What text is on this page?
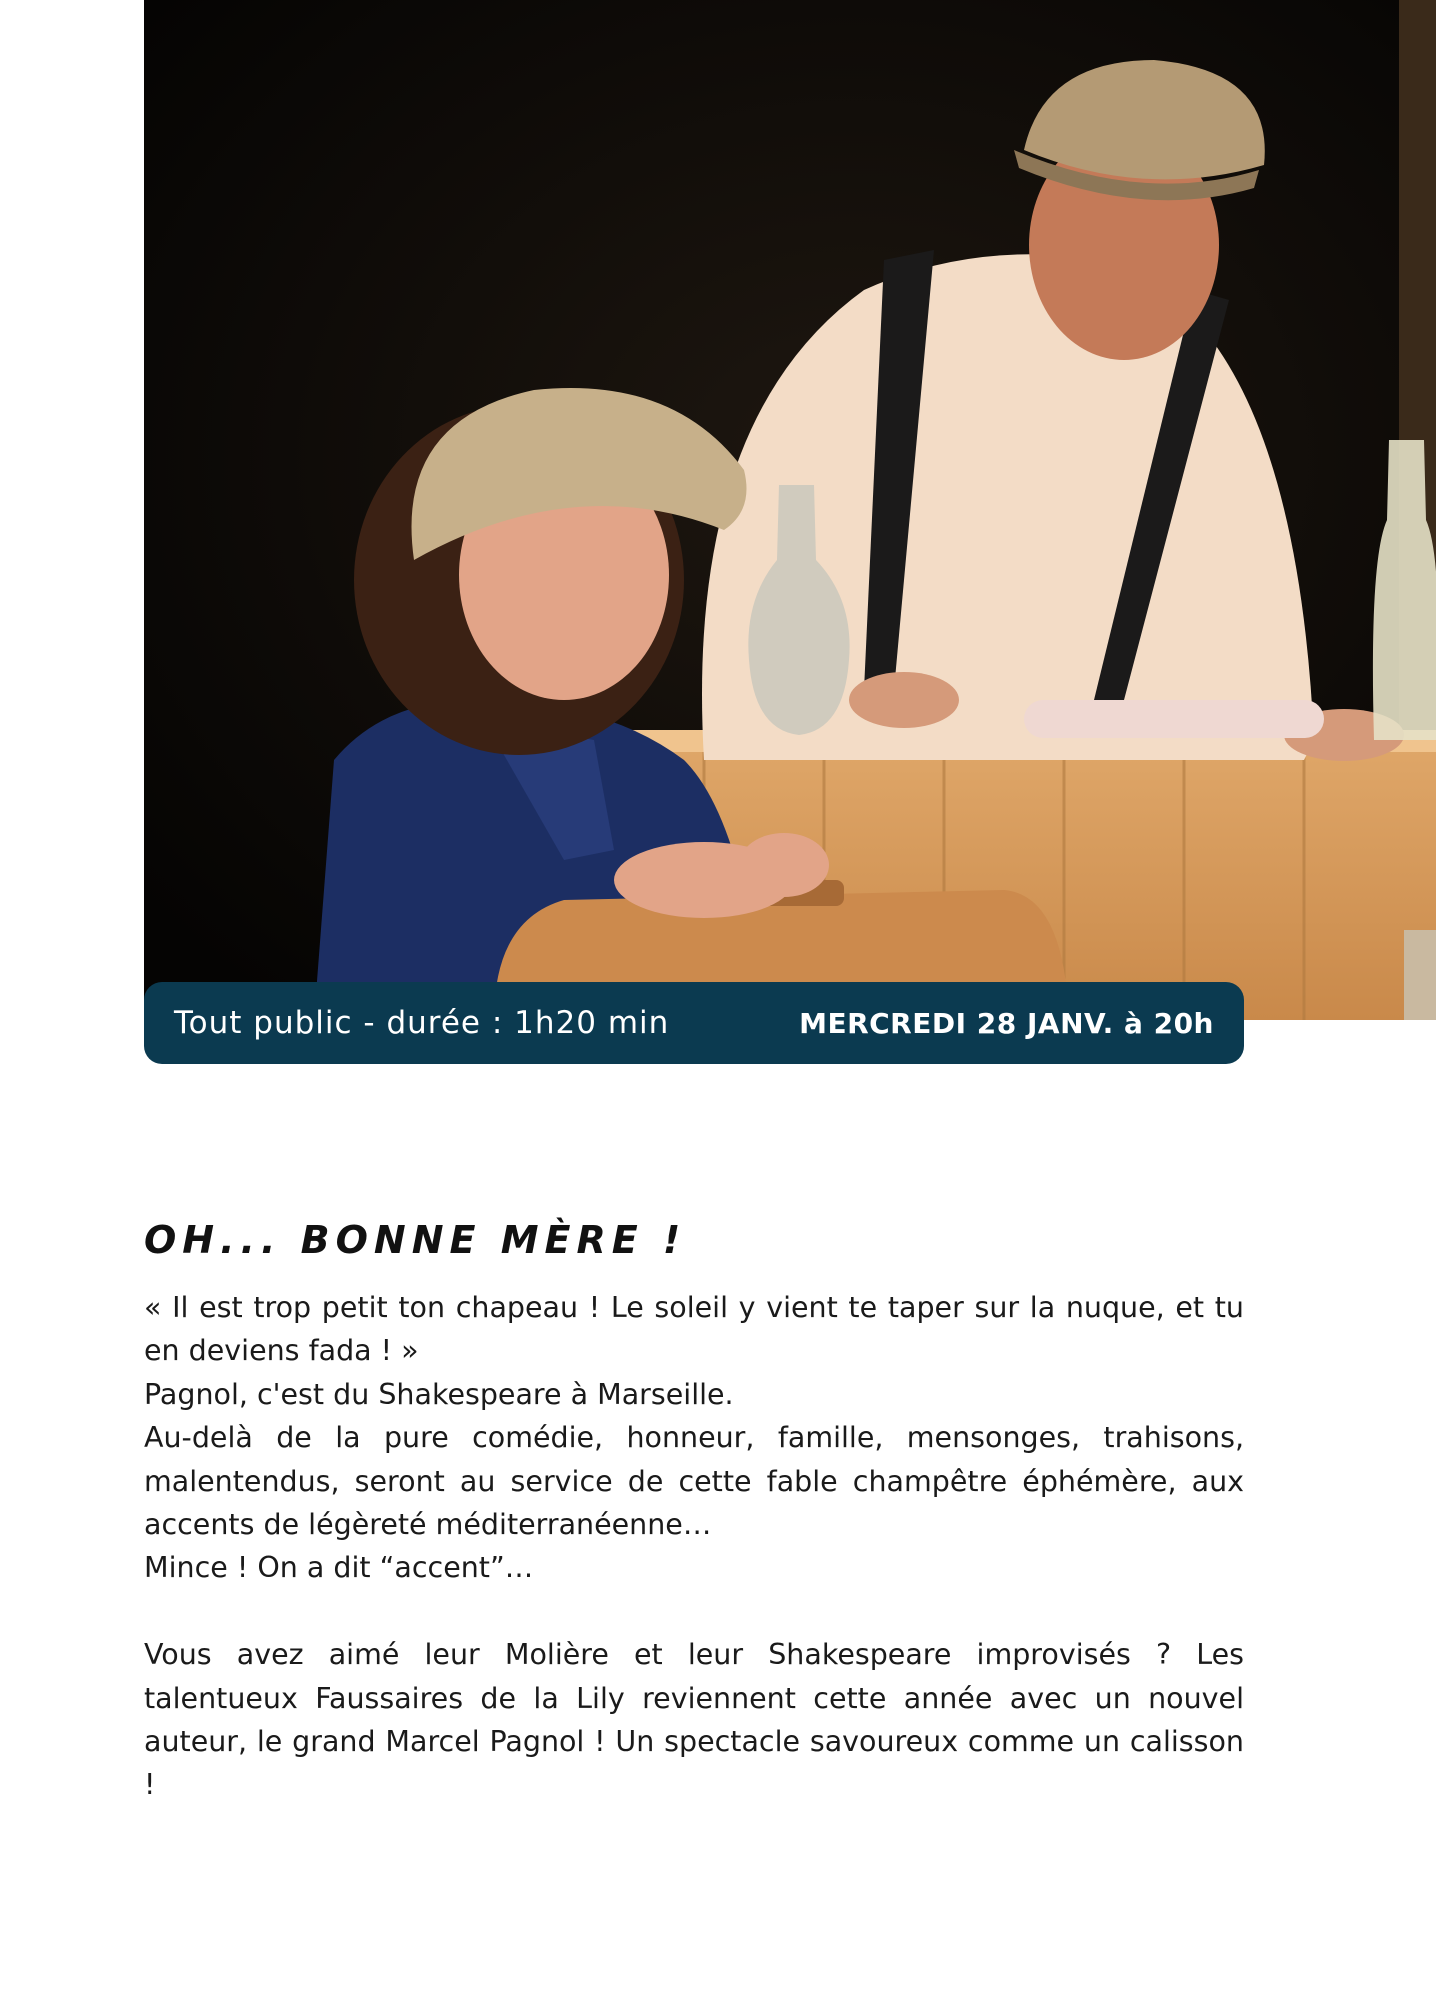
Tout public - durée : 1h20 min	MERCREDI 28 JANV. à 20h
OH... BONNE MÈRE !

« Il est trop petit ton chapeau ! Le soleil y vient te taper sur la nuque, et tu en deviens fada ! »

Pagnol, c'est du Shakespeare à Marseille.

Au-delà de la pure comédie, honneur, famille, mensonges, trahisons, malentendus, seront au service de cette fable champêtre éphémère, aux accents de légèreté méditerranéenne…

Mince ! On a dit “accent”…

Vous avez aimé leur Molière et leur Shakespeare improvisés ? Les talentueux Faussaires de la Lily reviennent cette année avec un nouvel auteur, le grand Marcel Pagnol ! Un spectacle savoureux comme un calisson !
